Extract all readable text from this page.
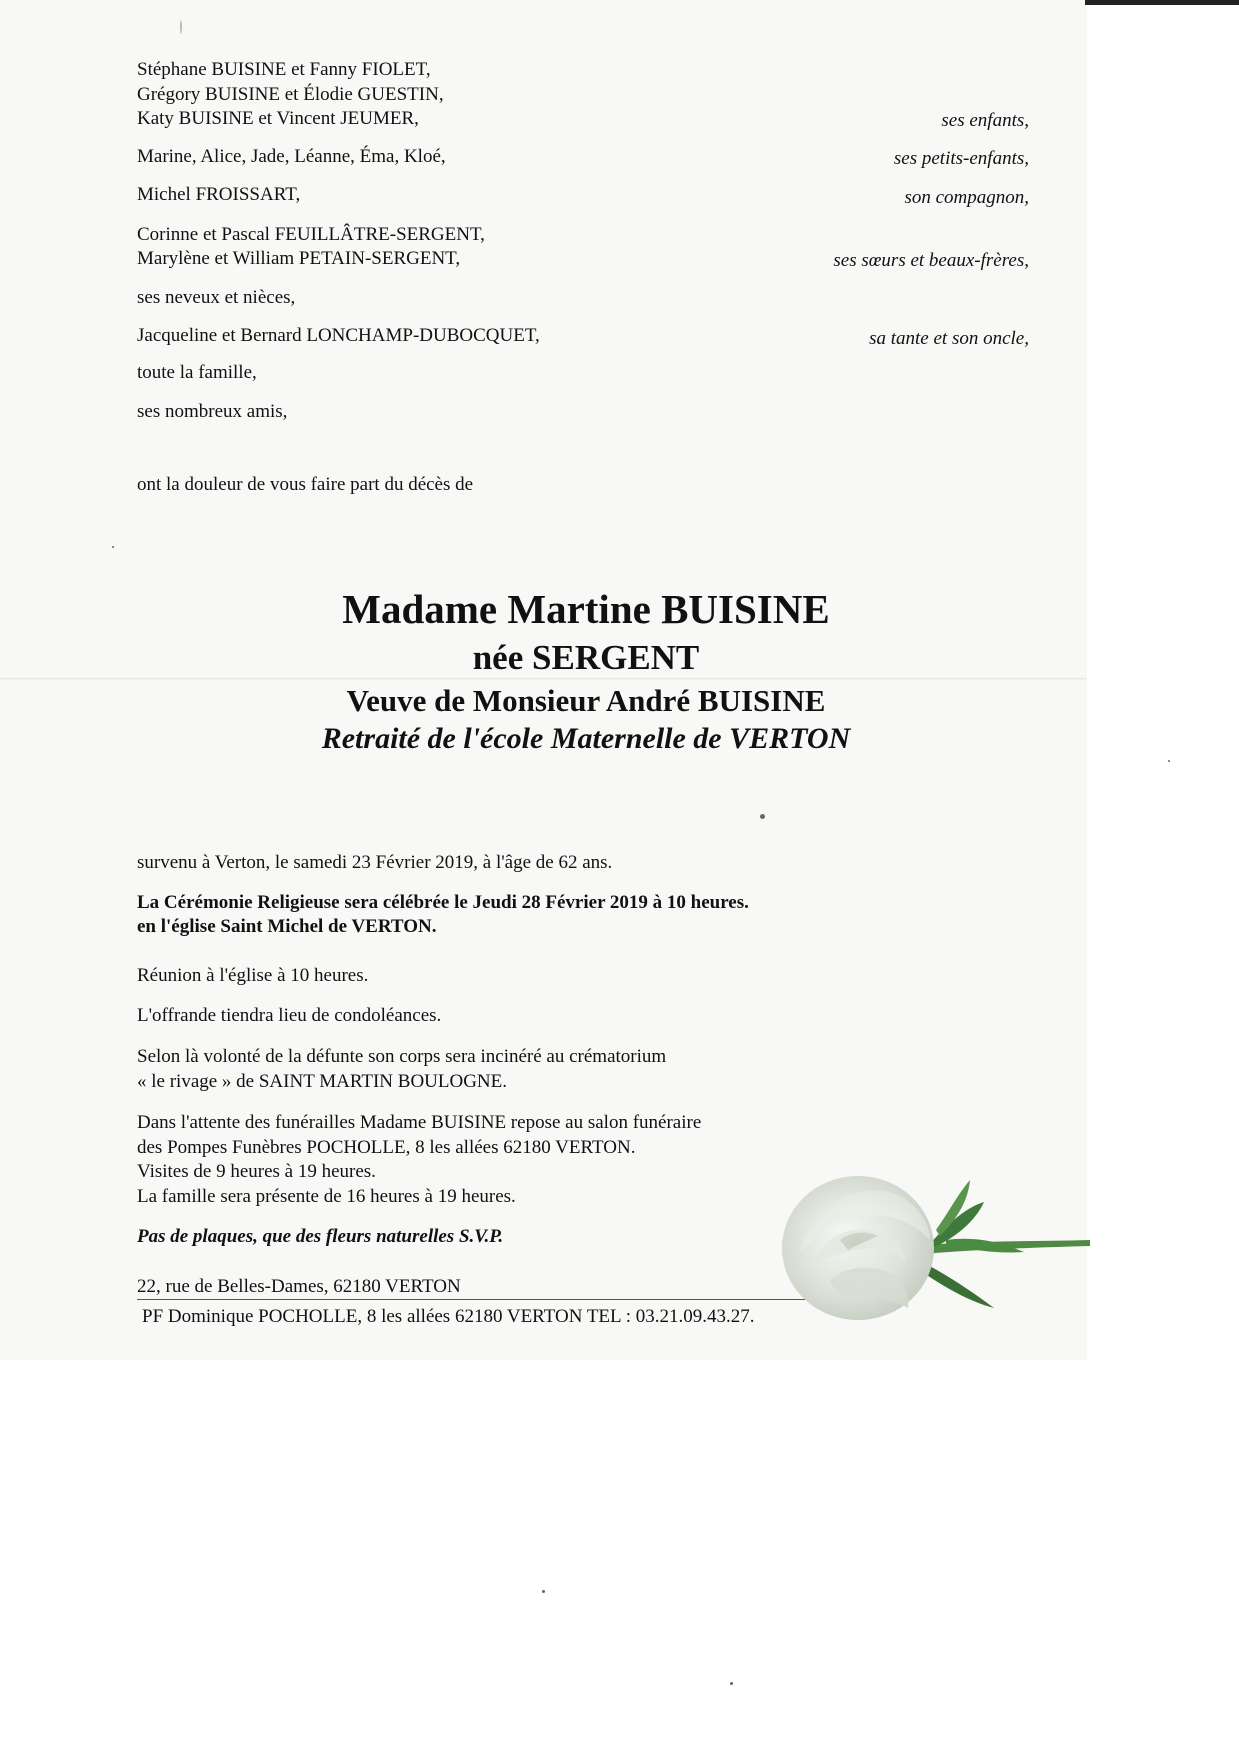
Stéphane BUISINE et Fanny FIOLET,
Grégory BUISINE et Élodie GUESTIN,
Katy BUISINE et Vincent JEUMER,
Marine, Alice, Jade, Léanne, Éma, Kloé,
Michel FROISSART,
Corinne et Pascal FEUILLÂTRE-SERGENT,
Marylène et William PETAIN-SERGENT,
ses neveux et nièces,
Jacqueline et Bernard LONCHAMP-DUBOCQUET,
toute la famille,
ses nombreux amis,
ses enfants,
ses petits-enfants,
son compagnon,
ses sœurs et beaux-frères,
sa tante et son oncle,
ont la douleur de vous faire part du décès de
Madame Martine BUISINE
née SERGENT
Veuve de Monsieur André BUISINE
Retraité de l'école Maternelle de VERTON
survenu à Verton, le samedi 23 Février 2019, à l'âge de 62 ans.
La Cérémonie Religieuse sera célébrée le Jeudi 28 Février 2019 à 10 heures.
en l'église Saint Michel de VERTON.
Réunion à l'église à 10 heures.
L'offrande tiendra lieu de condoléances.
Selon là volonté de la défunte son corps sera incinéré au crématorium
« le rivage » de SAINT MARTIN BOULOGNE.
Dans l'attente des funérailles Madame BUISINE repose au salon funéraire
des Pompes Funèbres POCHOLLE, 8 les allées 62180 VERTON.
Visites de 9 heures à 19 heures.
La famille sera présente de 16 heures à 19 heures.
Pas de plaques, que des fleurs naturelles S.V.P.
22, rue de Belles-Dames, 62180 VERTON
PF Dominique POCHOLLE, 8 les allées 62180 VERTON TEL : 03.21.09.43.27.
